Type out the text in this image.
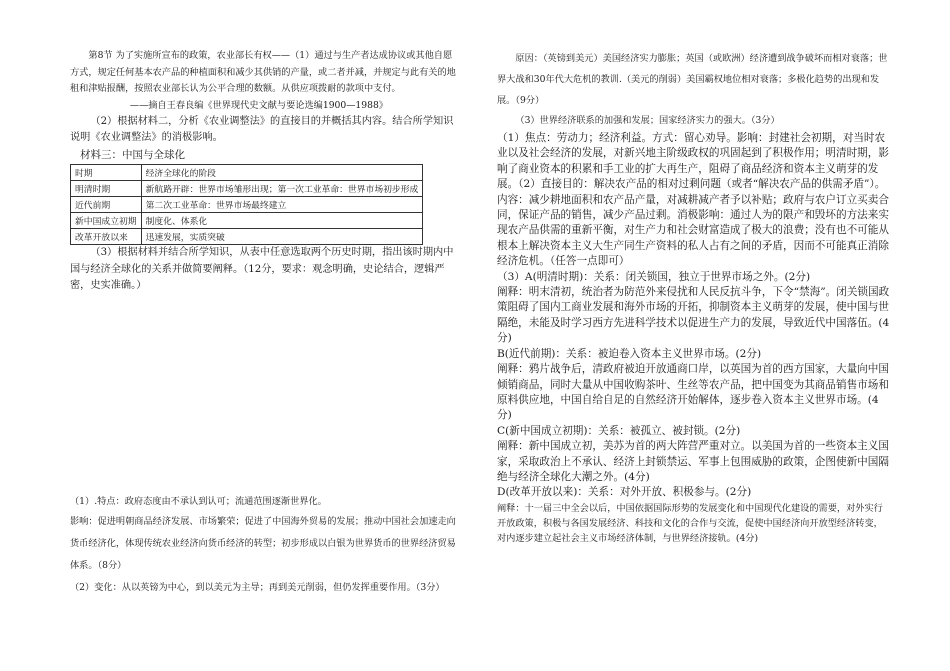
第8节 为了实施所宣布的政策，农业部长有权——（1）通过与生产者达成协议或其他自愿方式，规定任何基本农产品的种植面积和减少其供销的产量，或二者并减，并规定与此有关的地租和津贴报酬，按照农业部长认为公平合理的数额。从供应项拨耐的款项中支付。

——摘自王春良编《世界现代史文献与要论选编1900—1988》

（2）根据材料二，分析《农业调整法》的直接目的并概括其内容。结合所学知识说明《农业调整法》的消极影响。

材料三：中国与全球化

时期	经济全球化的阶段
明清时期	新航路开辟：世界市场雏形出现；第一次工业革命：世界市场初步形成
近代前期	第二次工业革命：世界市场最终建立
新中国成立初期	制度化、体系化
改革开放以来	迅速发展，实质突破

（3）根据材料并结合所学知识，从表中任意选取两个历史时期，指出该时期内中国与经济全球化的关系并做简要阐释。（12分，要求：观念明确，史论结合，逻辑严密，史实准确。）

（1）.特点：政府态度由不承认到认可；流通范围逐渐世界化。

影响：促进明朝商品经济发展、市场繁荣；促进了中国海外贸易的发展；推动中国社会加速走向货币经济化，体现传统农业经济向货币经济的转型；初步形成以白银为世界货币的世界经济贸易体系。（8分）

（2）变化：从以英镑为中心，到以美元为主导；再到美元削弱，但仍发挥重要作用。（3分）

原因：（英镑到美元）美国经济实力膨胀；英国（或欧洲）经济遭到战争破坏而相对衰落；世界大战和30年代大危机的教训.（美元的削弱）美国霸权地位相对衰落；多极化趋势的出现和发展。（9分）

（3）世界经济联系的加强和发展；国家经济实力的强大。（3分）

（1）焦点：劳动力；经济利益。方式：留心劝导。影响：封建社会初期，对当时农业以及社会经济的发展，对新兴地主阶级政权的巩固起到了积极作用；明清时期，影响了商业资本的积累和手工业的扩大再生产，阻碍了商品经济和资本主义萌芽的发展。（2）直接目的：解决农产品的相对过剩问题（或者“解决农产品的供需矛盾”）。内容：减少耕地面积和农产品产量，对减耕减产者予以补贴；政府与农户订立买卖合同，保证产品的销售，减少产品过剩。消极影响：通过人为的限产和毁坏的方法来实现农产品供需的重新平衡，对生产力和社会财富造成了极大的浪费；没有也不可能从根本上解决资本主义大生产同生产资料的私人占有之间的矛盾，因而不可能真正消除经济危机。（任答一点即可）

（3）A(明清时期)：关系：闭关锁国，独立于世界市场之外。(2分)

阐释：明末清初，统治者为防范外来侵扰和人民反抗斗争，下令“禁海”。闭关锁国政策阻碍了国内工商业发展和海外市场的开拓，抑制资本主义萌芽的发展，使中国与世隔绝，未能及时学习西方先进科学技术以促进生产力的发展，导致近代中国落伍。(4分)

B(近代前期)：关系：被迫卷入资本主义世界市场。(2分)

阐释：鸦片战争后，清政府被迫开放通商口岸，以英国为首的西方国家，大量向中国倾销商品，同时大量从中国收购茶叶、生丝等农产品，把中国变为其商品销售市场和原料供应地，中国自给自足的自然经济开始解体，逐步卷入资本主义世界市场。(4分)

C(新中国成立初期)：关系：被孤立、被封锁。(2分)

阐释：新中国成立初，美苏为首的两大阵营严重对立。以美国为首的一些资本主义国家，采取政治上不承认、经济上封锁禁运、军事上包围威胁的政策，企图使新中国隔绝与经济全球化大潮之外。(4分)

D(改革开放以来)：关系：对外开放、积极参与。(2分)

阐释：十一届三中全会以后，中国依据国际形势的发展变化和中国现代化建设的需要，对外实行开放政策，积极与各国发展经济、科技和文化的合作与交流，促使中国经济向开放型经济转变，对内逐步建立起社会主义市场经济体制，与世界经济接轨。(4分)
